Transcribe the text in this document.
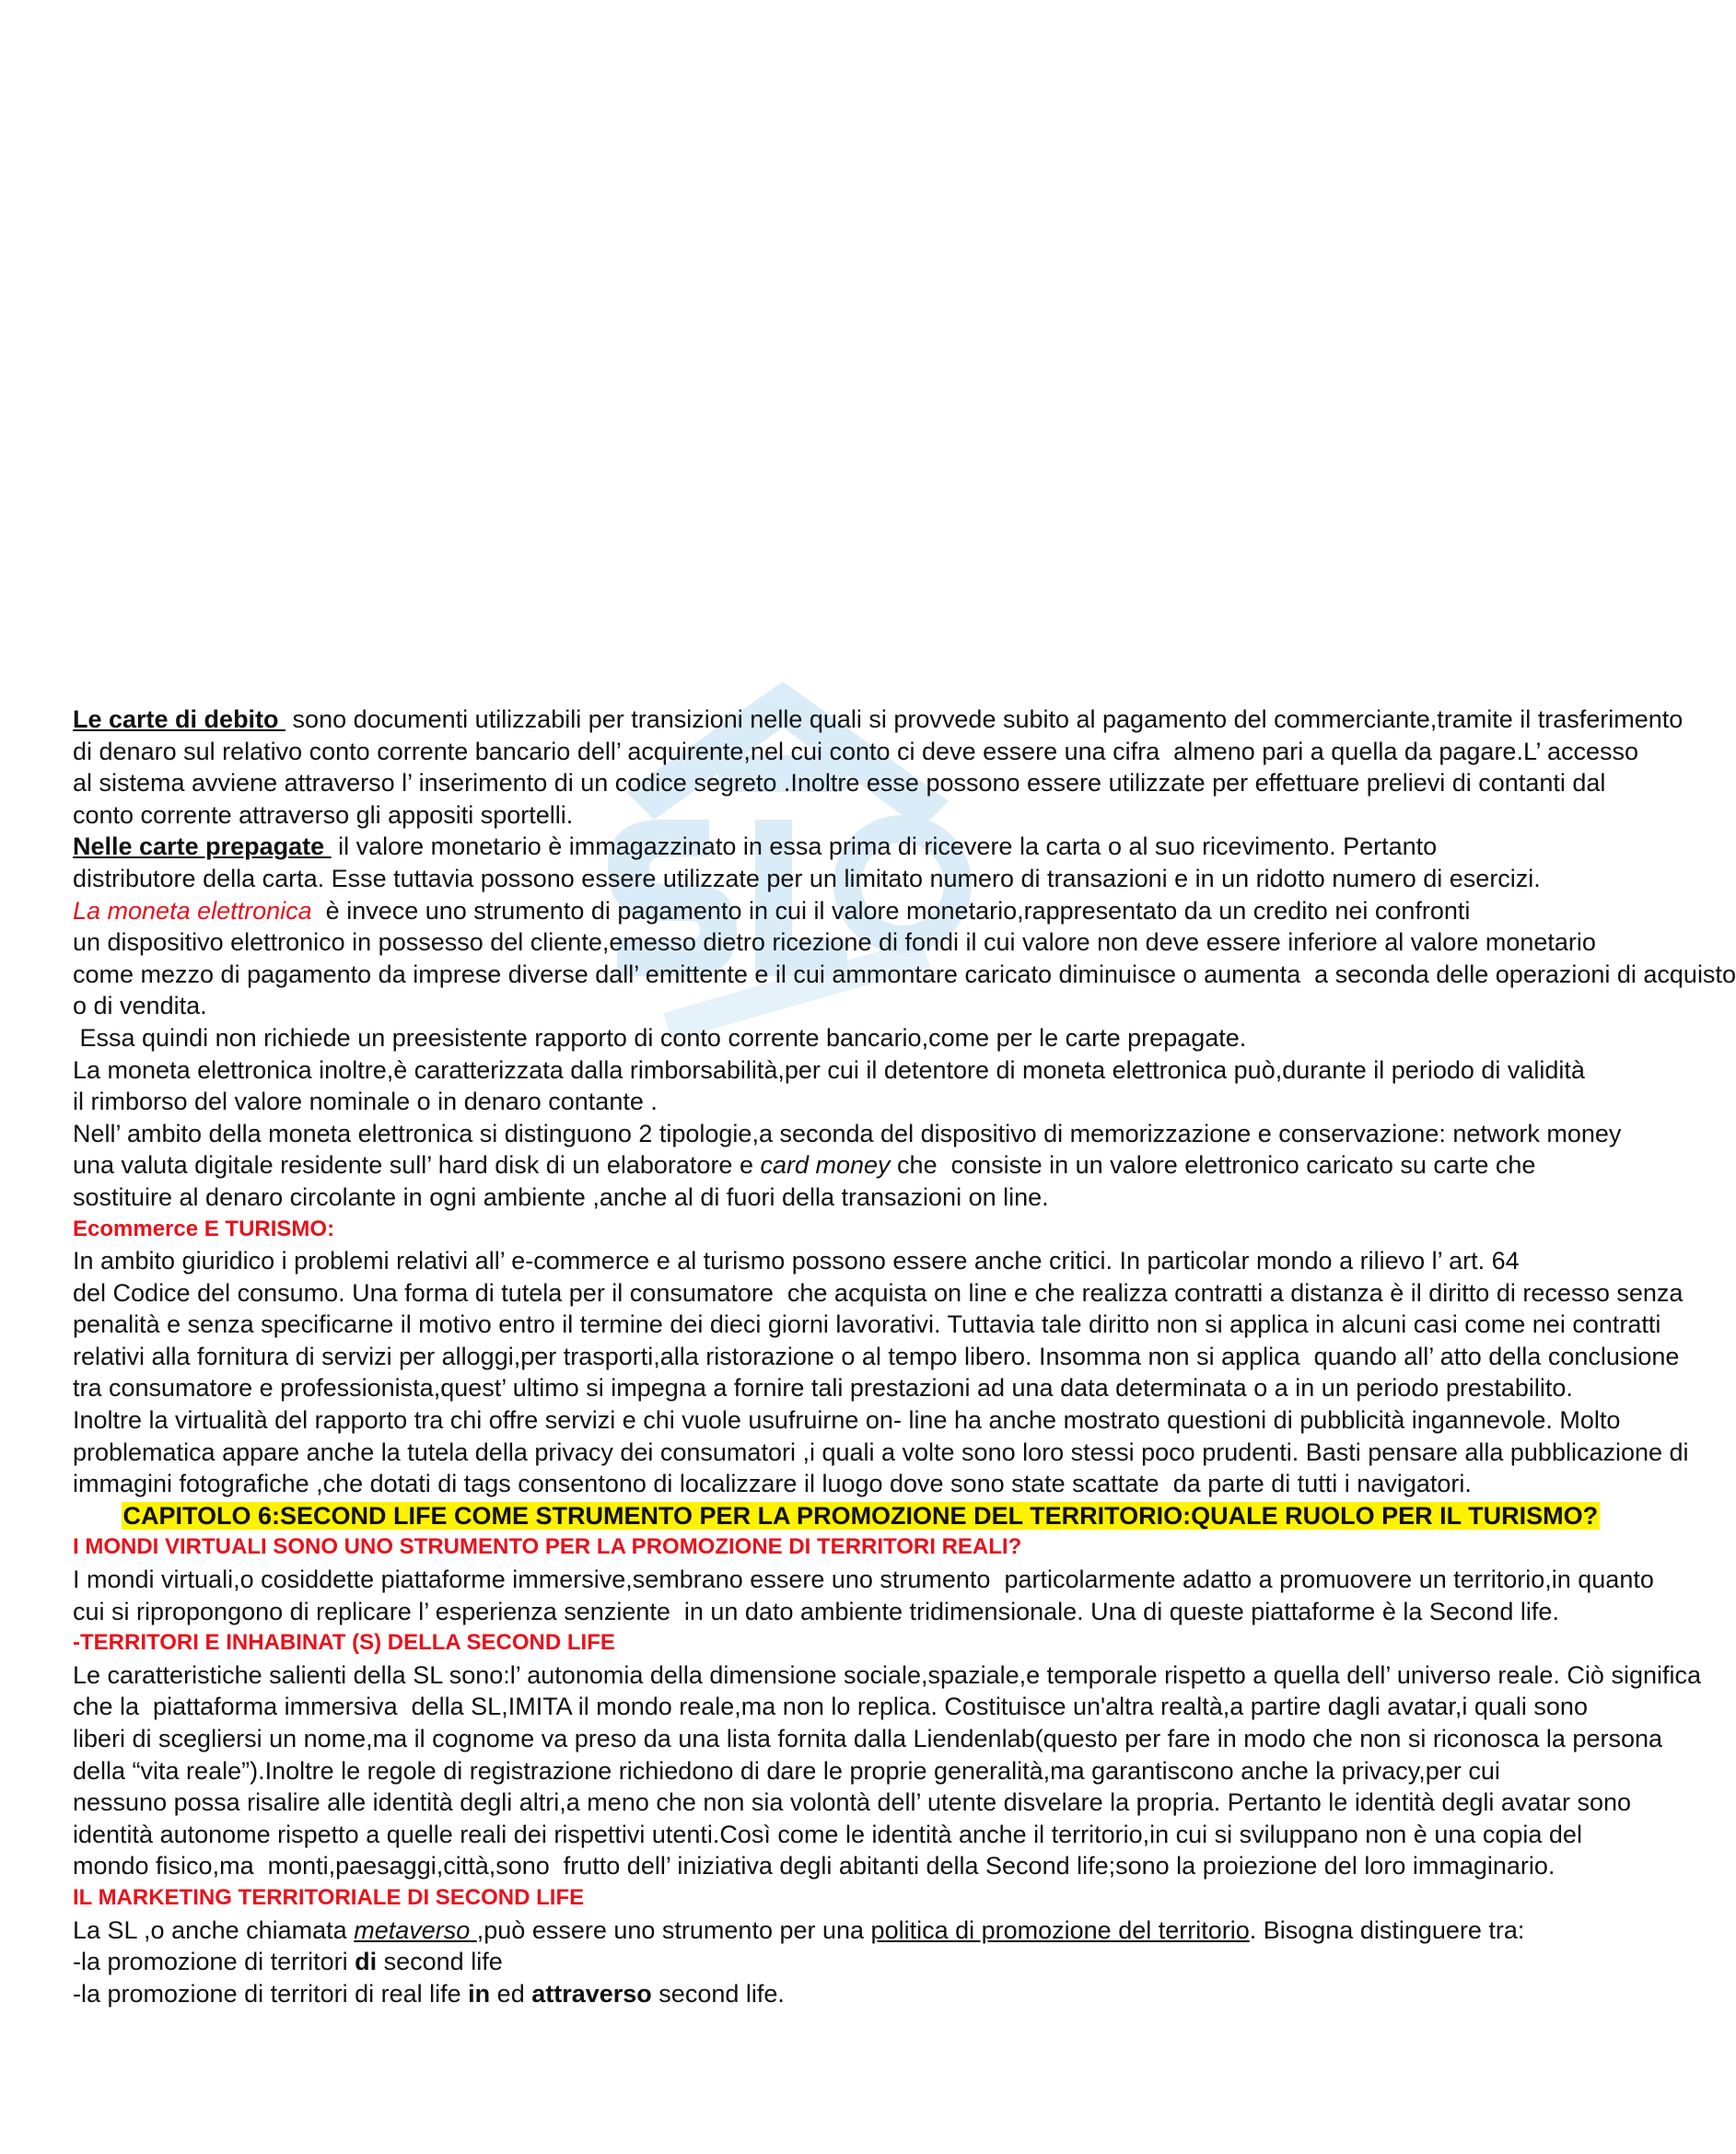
Le carte di debito  sono documenti utilizzabili per transizioni nelle quali si provvede subito al pagamento del commerciante,tramite il trasferimento
di denaro sul relativo conto corrente bancario dell’ acquirente,nel cui conto ci deve essere una cifra  almeno pari a quella da pagare.L’ accesso
al sistema avviene attraverso l’ inserimento di un codice segreto .Inoltre esse possono essere utilizzate per effettuare prelievi di contanti dal
conto corrente attraverso gli appositi sportelli.
Nelle carte prepagate  il valore monetario è immagazzinato in essa prima di ricevere la carta o al suo ricevimento. Pertanto
distributore della carta. Esse tuttavia possono essere utilizzate per un limitato numero di transazioni e in un ridotto numero di esercizi.
La moneta elettronica  è invece uno strumento di pagamento in cui il valore monetario,rappresentato da un credito nei confronti
un dispositivo elettronico in possesso del cliente,emesso dietro ricezione di fondi il cui valore non deve essere inferiore al valore monetario
come mezzo di pagamento da imprese diverse dall’ emittente e il cui ammontare caricato diminuisce o aumenta  a seconda delle operazioni di acquisto
o di vendita.
Essa quindi non richiede un preesistente rapporto di conto corrente bancario,come per le carte prepagate.
La moneta elettronica inoltre,è caratterizzata dalla rimborsabilità,per cui il detentore di moneta elettronica può,durante il periodo di validità
il rimborso del valore nominale o in denaro contante .
Nell’ ambito della moneta elettronica si distinguono 2 tipologie,a seconda del dispositivo di memorizzazione e conservazione: network money
una valuta digitale residente sull’ hard disk di un elaboratore e card money che  consiste in un valore elettronico caricato su carte che
sostituire al denaro circolante in ogni ambiente ,anche al di fuori della transazioni on line.
Ecommerce E TURISMO:
In ambito giuridico i problemi relativi all’ e-commerce e al turismo possono essere anche critici. In particolar mondo a rilievo l’ art. 64
del Codice del consumo. Una forma di tutela per il consumatore  che acquista on line e che realizza contratti a distanza è il diritto di recesso senza
penalità e senza specificarne il motivo entro il termine dei dieci giorni lavorativi. Tuttavia tale diritto non si applica in alcuni casi come nei contratti
relativi alla fornitura di servizi per alloggi,per trasporti,alla ristorazione o al tempo libero. Insomma non si applica  quando all’ atto della conclusione
tra consumatore e professionista,quest’ ultimo si impegna a fornire tali prestazioni ad una data determinata o a in un periodo prestabilito.
Inoltre la virtualità del rapporto tra chi offre servizi e chi vuole usufruirne on- line ha anche mostrato questioni di pubblicità ingannevole. Molto
problematica appare anche la tutela della privacy dei consumatori ,i quali a volte sono loro stessi poco prudenti. Basti pensare alla pubblicazione di
immagini fotografiche ,che dotati di tags consentono di localizzare il luogo dove sono state scattate  da parte di tutti i navigatori.
CAPITOLO 6:SECOND LIFE COME STRUMENTO PER LA PROMOZIONE DEL TERRITORIO:QUALE RUOLO PER IL TURISMO?
I MONDI VIRTUALI SONO UNO STRUMENTO PER LA PROMOZIONE DI TERRITORI REALI?
I mondi virtuali,o cosiddette piattaforme immersive,sembrano essere uno strumento  particolarmente adatto a promuovere un territorio,in quanto
cui si ripropongono di replicare l’ esperienza senziente  in un dato ambiente tridimensionale. Una di queste piattaforme è la Second life.
-TERRITORI E INHABINAT (S) DELLA SECOND LIFE
Le caratteristiche salienti della SL sono:l’ autonomia della dimensione sociale,spaziale,e temporale rispetto a quella dell’ universo reale. Ciò significa
che la  piattaforma immersiva  della SL,IMITA il mondo reale,ma non lo replica. Costituisce un'altra realtà,a partire dagli avatar,i quali sono
liberi di scegliersi un nome,ma il cognome va preso da una lista fornita dalla Liendenlab(questo per fare in modo che non si riconosca la persona
della “vita reale”).Inoltre le regole di registrazione richiedono di dare le proprie generalità,ma garantiscono anche la privacy,per cui
nessuno possa risalire alle identità degli altri,a meno che non sia volontà dell’ utente disvelare la propria. Pertanto le identità degli avatar sono
identità autonome rispetto a quelle reali dei rispettivi utenti.Così come le identità anche il territorio,in cui si sviluppano non è una copia del
mondo fisico,ma  monti,paesaggi,città,sono  frutto dell’ iniziativa degli abitanti della Second life;sono la proiezione del loro immaginario.
IL MARKETING TERRITORIALE DI SECOND LIFE
La SL ,o anche chiamata metaverso ,può essere uno strumento per una politica di promozione del territorio. Bisogna distinguere tra:
-la promozione di territori di second life
-la promozione di territori di real life in ed attraverso second life.
